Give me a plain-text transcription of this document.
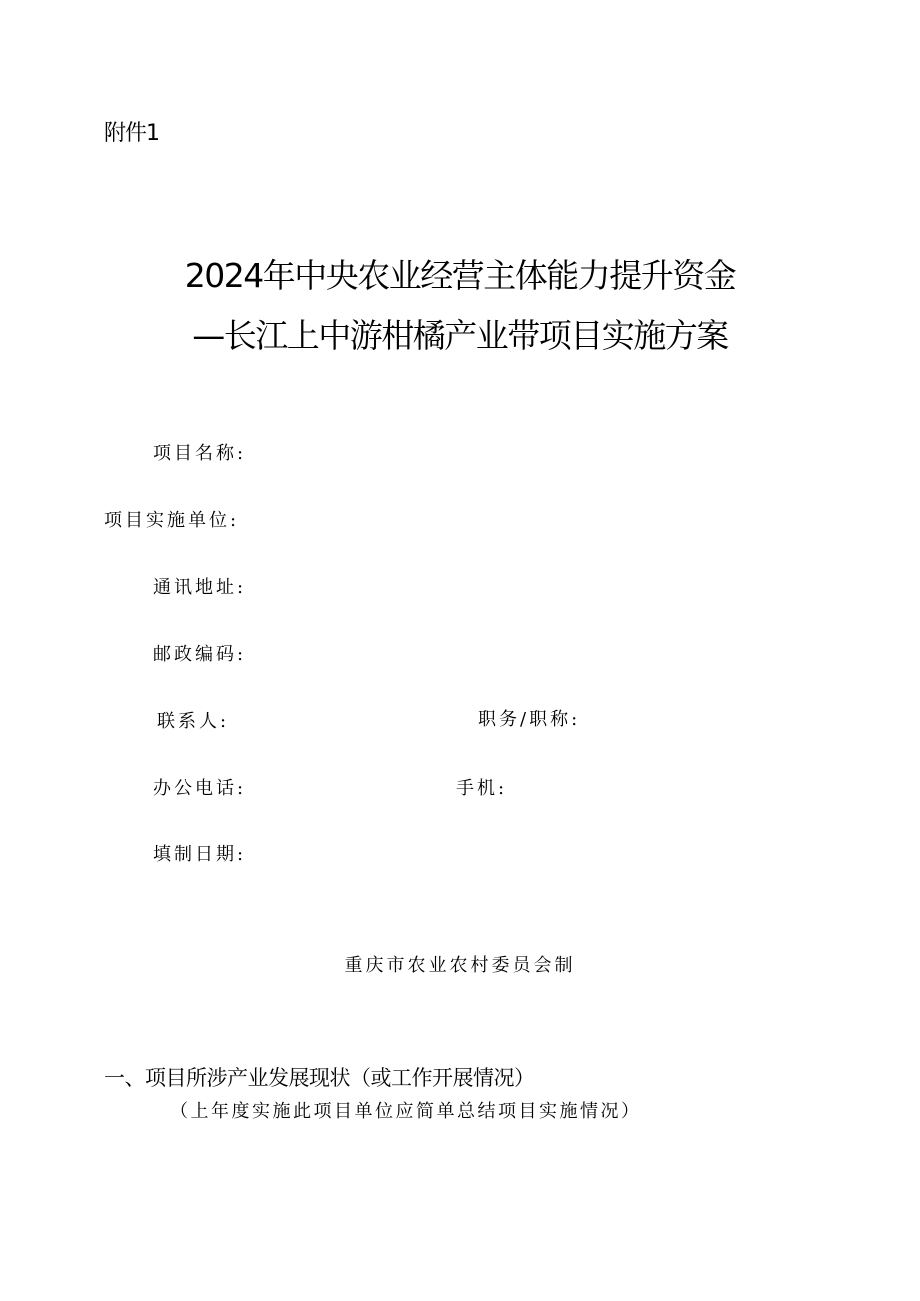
附件1
2024年中央农业经营主体能力提升资金
—长江上中游柑橘产业带项目实施方案
项目名称:
项目实施单位:
通讯地址:
邮政编码:
联系人:	职务/职称:
办公电话:	手机:
填制日期:
重庆市农业农村委员会制
一、项目所涉产业发展现状（或工作开展情况）
（上年度实施此项目单位应简单总结项目实施情况）
